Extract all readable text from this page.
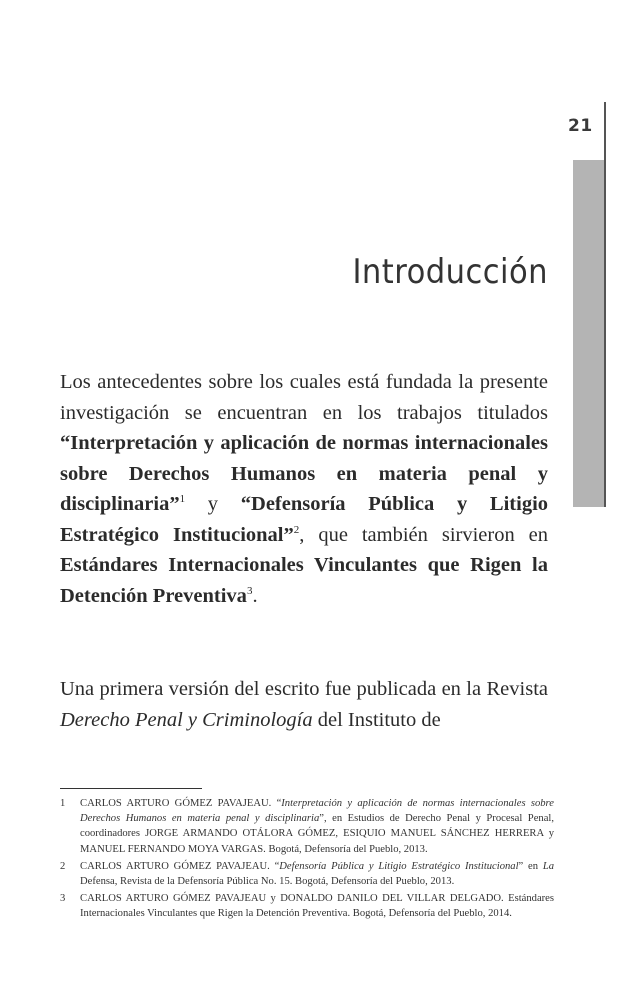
21
Introducción

Los antecedentes sobre los cuales está fundada la presente investigación se encuentran en los trabajos titulados “Interpretación y aplicación de normas internacionales sobre Derechos Humanos en materia penal y disciplinaria”$^1$ y “Defensoría Pública y Litigio Estratégico Institucional”$^2$, que también sirvieron en Estándares Internacionales Vinculantes que Rigen la Detención Preventiva$^3$.

Una primera versión del escrito fue publicada en la Revista Derecho Penal y Criminología del Instituto de

1	CARLOS ARTURO GÓMEZ PAVAJEAU. “Interpretación y aplicación de normas internacionales sobre Derechos Humanos en materia penal y disciplinaria”, en Estudios de Derecho Penal y Procesal Penal, coordinadores JORGE ARMANDO OTÁLORA GÓMEZ, ESIQUIO MANUEL SÁNCHEZ HERRERA y MANUEL FERNANDO MOYA VARGAS. Bogotá, Defensoría del Pueblo, 2013.
2	CARLOS ARTURO GÓMEZ PAVAJEAU. “Defensoría Pública y Litigio Estratégico Institucional” en La Defensa, Revista de la Defensoría Pública No. 15. Bogotá, Defensoría del Pueblo, 2013.
3	CARLOS ARTURO GÓMEZ PAVAJEAU y DONALDO DANILO DEL VILLAR DELGADO. Estándares Internacionales Vinculantes que Rigen la Detención Preventiva. Bogotá, Defensoría del Pueblo, 2014.
